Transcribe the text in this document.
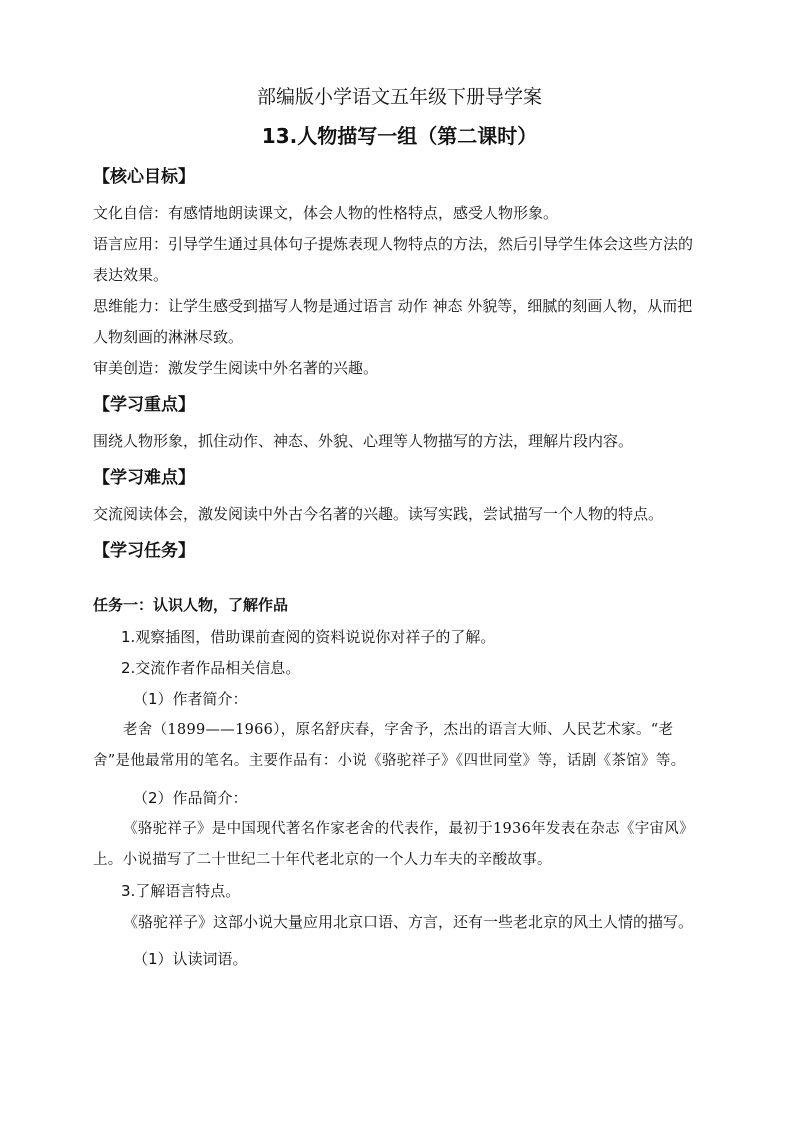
部编版小学语文五年级下册导学案
13.人物描写一组（第二课时）
【核心目标】

文化自信：有感情地朗读课文，体会人物的性格特点，感受人物形象。

语言应用：引导学生通过具体句子提炼表现人物特点的方法，然后引导学生体会这些方法的表达效果。

思维能力：让学生感受到描写人物是通过语言 动作 神态 外貌等，细腻的刻画人物，从而把人物刻画的淋淋尽致。

审美创造：激发学生阅读中外名著的兴趣。

【学习重点】

围绕人物形象，抓住动作、神态、外貌、心理等人物描写的方法，理解片段内容。

【学习难点】

交流阅读体会，激发阅读中外古今名著的兴趣。读写实践，尝试描写一个人物的特点。

【学习任务】
任务一：认识人物，了解作品

1.观察插图，借助课前查阅的资料说说你对祥子的了解。

2.交流作者作品相关信息。

（1）作者简介：

老舍（1899——1966），原名舒庆春，字舍予，杰出的语言大师、人民艺术家。“老舍”是他最常用的笔名。主要作品有：小说《骆驼祥子》《四世同堂》等，话剧《茶馆》等。

（2）作品简介：

《骆驼祥子》是中国现代著名作家老舍的代表作，最初于1936年发表在杂志《宇宙风》上。小说描写了二十世纪二十年代老北京的一个人力车夫的辛酸故事。

3.了解语言特点。

《骆驼祥子》这部小说大量应用北京口语、方言，还有一些老北京的风土人情的描写。

（1）认读词语。
